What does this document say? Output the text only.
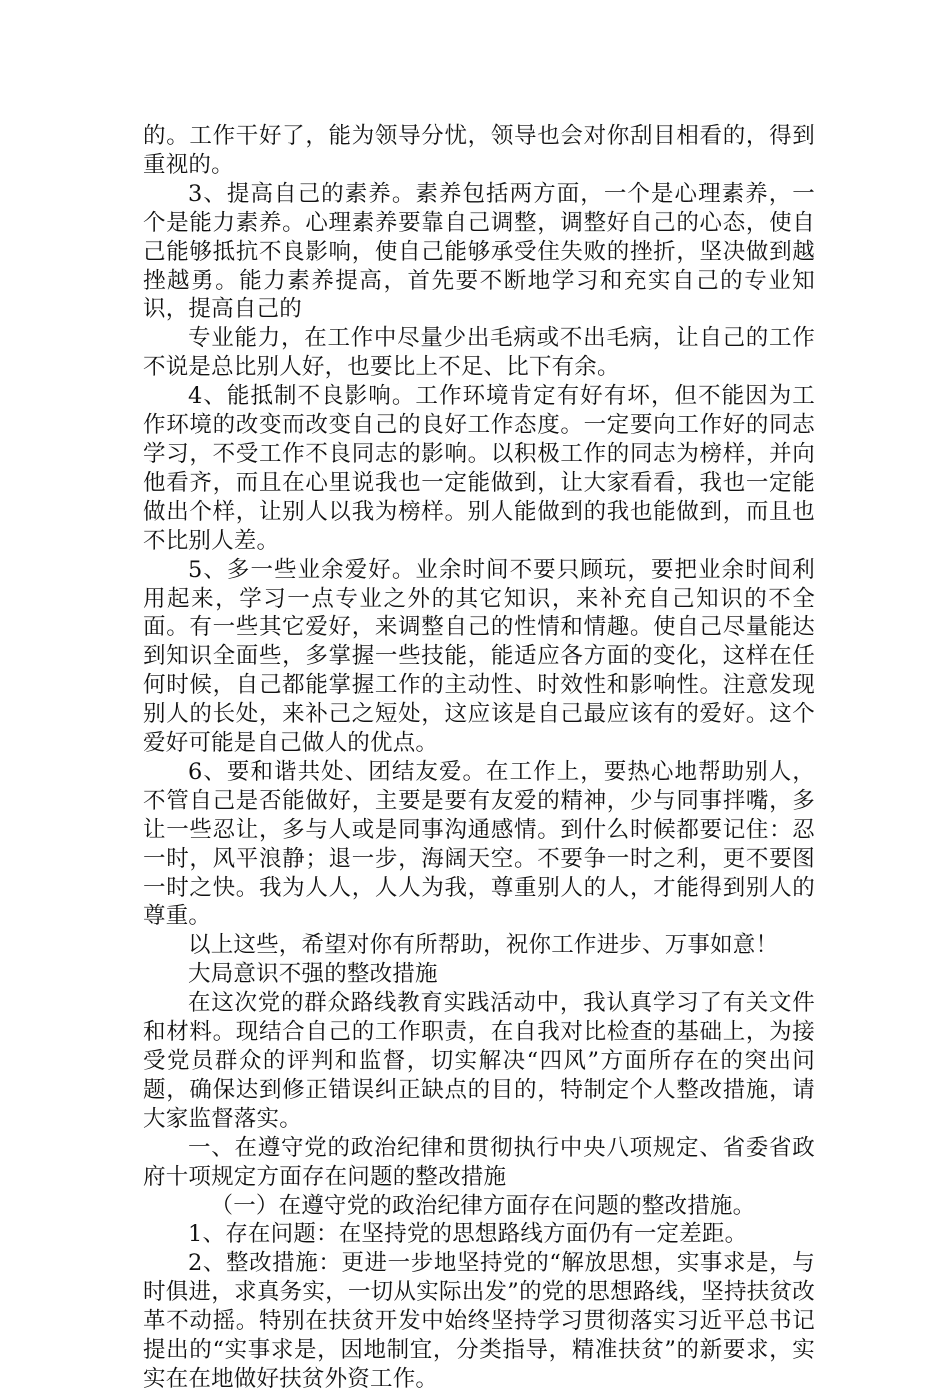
的。工作干好了，能为领导分忧，领导也会对你刮目相看的，得到重视的。

3、提高自己的素养。素养包括两方面，一个是心理素养，一个是能力素养。心理素养要靠自己调整，调整好自己的心态，使自己能够抵抗不良影响，使自己能够承受住失败的挫折，坚决做到越挫越勇。能力素养提高，首先要不断地学习和充实自己的专业知识，提高自己的

专业能力，在工作中尽量少出毛病或不出毛病，让自己的工作不说是总比别人好，也要比上不足、比下有余。

4、能抵制不良影响。工作环境肯定有好有坏，但不能因为工作环境的改变而改变自己的良好工作态度。一定要向工作好的同志学习，不受工作不良同志的影响。以积极工作的同志为榜样，并向他看齐，而且在心里说我也一定能做到，让大家看看，我也一定能做出个样，让别人以我为榜样。别人能做到的我也能做到，而且也不比别人差。

5、多一些业余爱好。业余时间不要只顾玩，要把业余时间利用起来，学习一点专业之外的其它知识，来补充自己知识的不全面。有一些其它爱好，来调整自己的性情和情趣。使自己尽量能达到知识全面些，多掌握一些技能，能适应各方面的变化，这样在任何时候，自己都能掌握工作的主动性、时效性和影响性。注意发现别人的长处，来补己之短处，这应该是自己最应该有的爱好。这个爱好可能是自己做人的优点。

6、要和谐共处、团结友爱。在工作上，要热心地帮助别人，不管自己是否能做好，主要是要有友爱的精神，少与同事拌嘴，多让一些忍让，多与人或是同事沟通感情。到什么时候都要记住：忍一时，风平浪静；退一步，海阔天空。不要争一时之利，更不要图一时之快。我为人人，人人为我，尊重别人的人，才能得到别人的尊重。

以上这些，希望对你有所帮助，祝你工作进步、万事如意！

大局意识不强的整改措施

在这次党的群众路线教育实践活动中，我认真学习了有关文件和材料。现结合自己的工作职责，在自我对比检查的基础上，为接受党员群众的评判和监督，切实解决“四风”方面所存在的突出问题，确保达到修正错误纠正缺点的目的，特制定个人整改措施，请大家监督落实。

一、在遵守党的政治纪律和贯彻执行中央八项规定、省委省政府十项规定方面存在问题的整改措施

（一）在遵守党的政治纪律方面存在问题的整改措施。

1、存在问题：在坚持党的思想路线方面仍有一定差距。

2、整改措施：更进一步地坚持党的“解放思想，实事求是，与时俱进，求真务实，一切从实际出发”的党的思想路线，坚持扶贫改革不动摇。特别在扶贫开发中始终坚持学习贯彻落实习近平总书记提出的“实事求是，因地制宜，分类指导，精准扶贫”的新要求，实实在在地做好扶贫外资工作。
